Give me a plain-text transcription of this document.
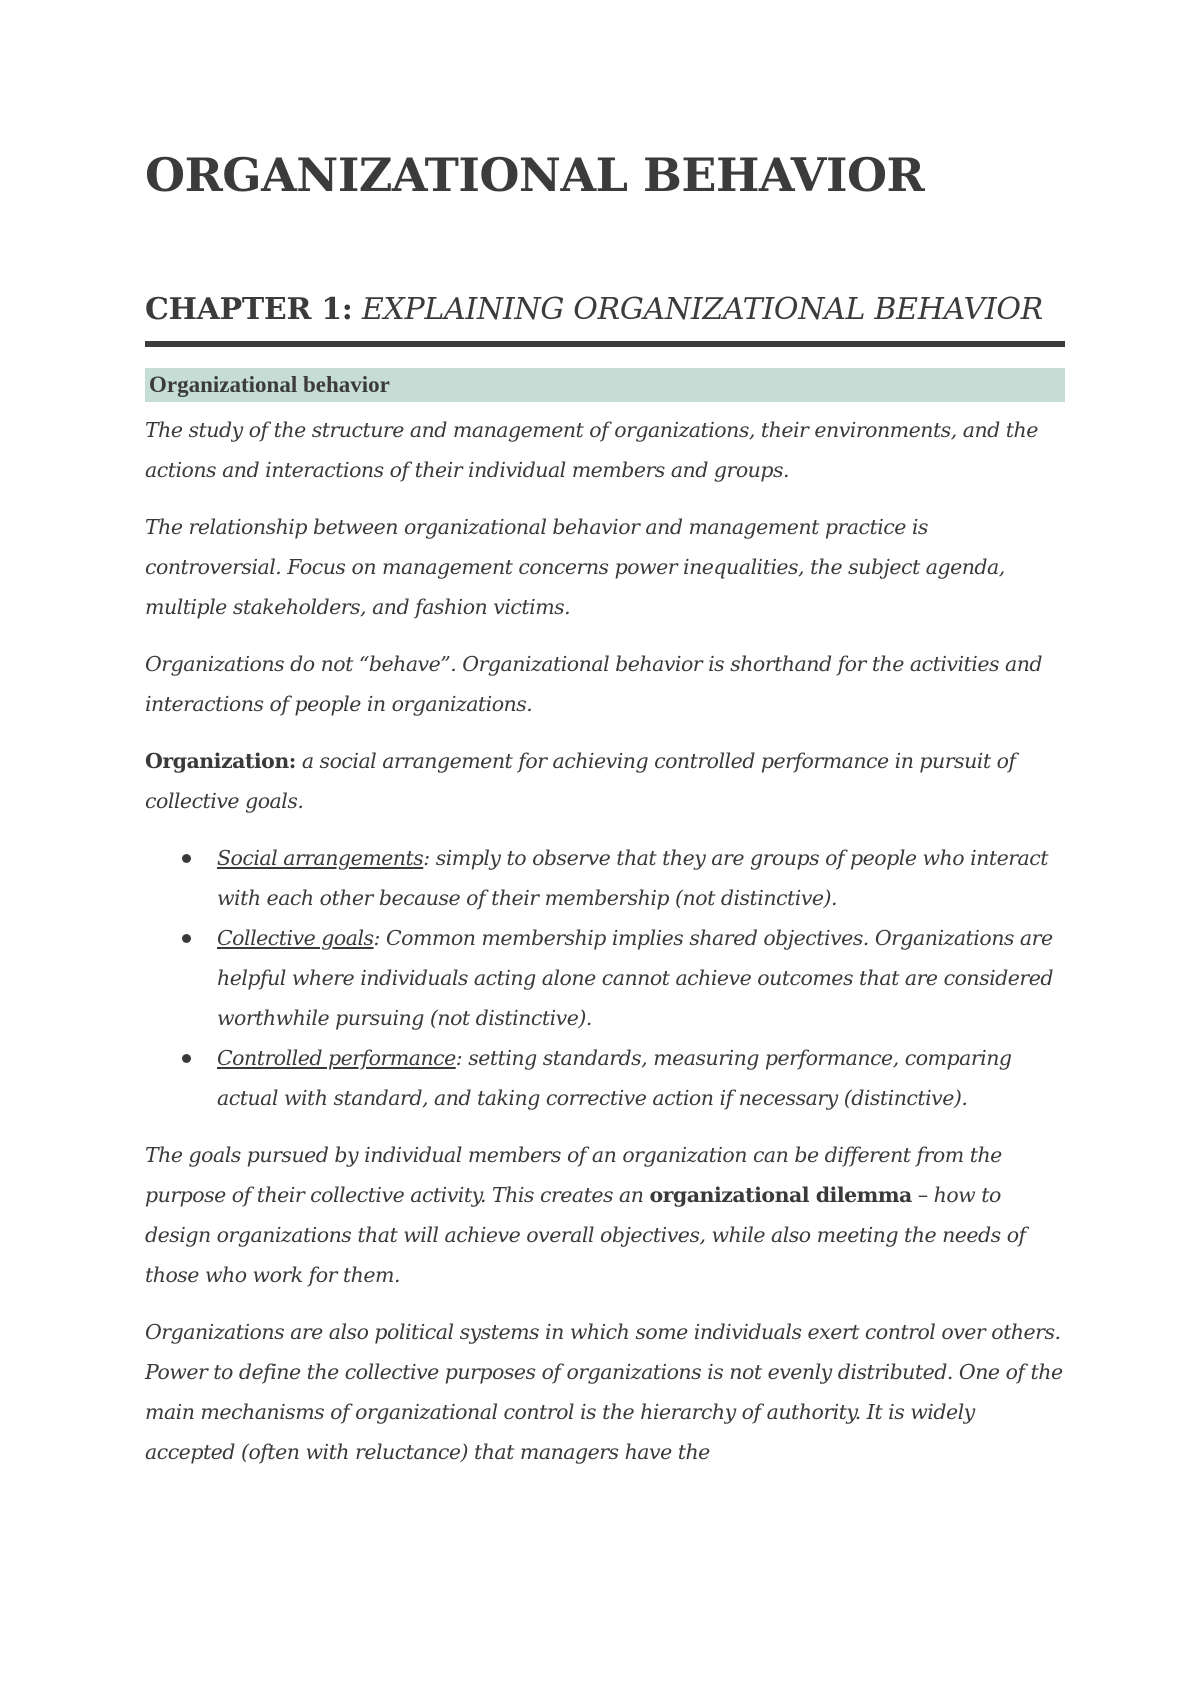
ORGANIZATIONAL BEHAVIOR
CHAPTER 1: EXPLAINING ORGANIZATIONAL BEHAVIOR
Organizational behavior

The study of the structure and management of organizations, their environments, and the actions and interactions of their individual members and groups.

The relationship between organizational behavior and management practice is controversial. Focus on management concerns power inequalities, the subject agenda, multiple stakeholders, and fashion victims.

Organizations do not “behave”. Organizational behavior is shorthand for the activities and interactions of people in organizations.

Organization: a social arrangement for achieving controlled performance in pursuit of collective goals.

Social arrangements: simply to observe that they are groups of people who interact with each other because of their membership (not distinctive).
Collective goals: Common membership implies shared objectives. Organizations are helpful where individuals acting alone cannot achieve outcomes that are considered worthwhile pursuing (not distinctive).
Controlled performance: setting standards, measuring performance, comparing actual with standard, and taking corrective action if necessary (distinctive).

The goals pursued by individual members of an organization can be different from the purpose of their collective activity. This creates an organizational dilemma – how to design organizations that will achieve overall objectives, while also meeting the needs of those who work for them.

Organizations are also political systems in which some individuals exert control over others. Power to define the collective purposes of organizations is not evenly distributed. One of the main mechanisms of organizational control is the hierarchy of authority. It is widely accepted (often with reluctance) that managers have the
